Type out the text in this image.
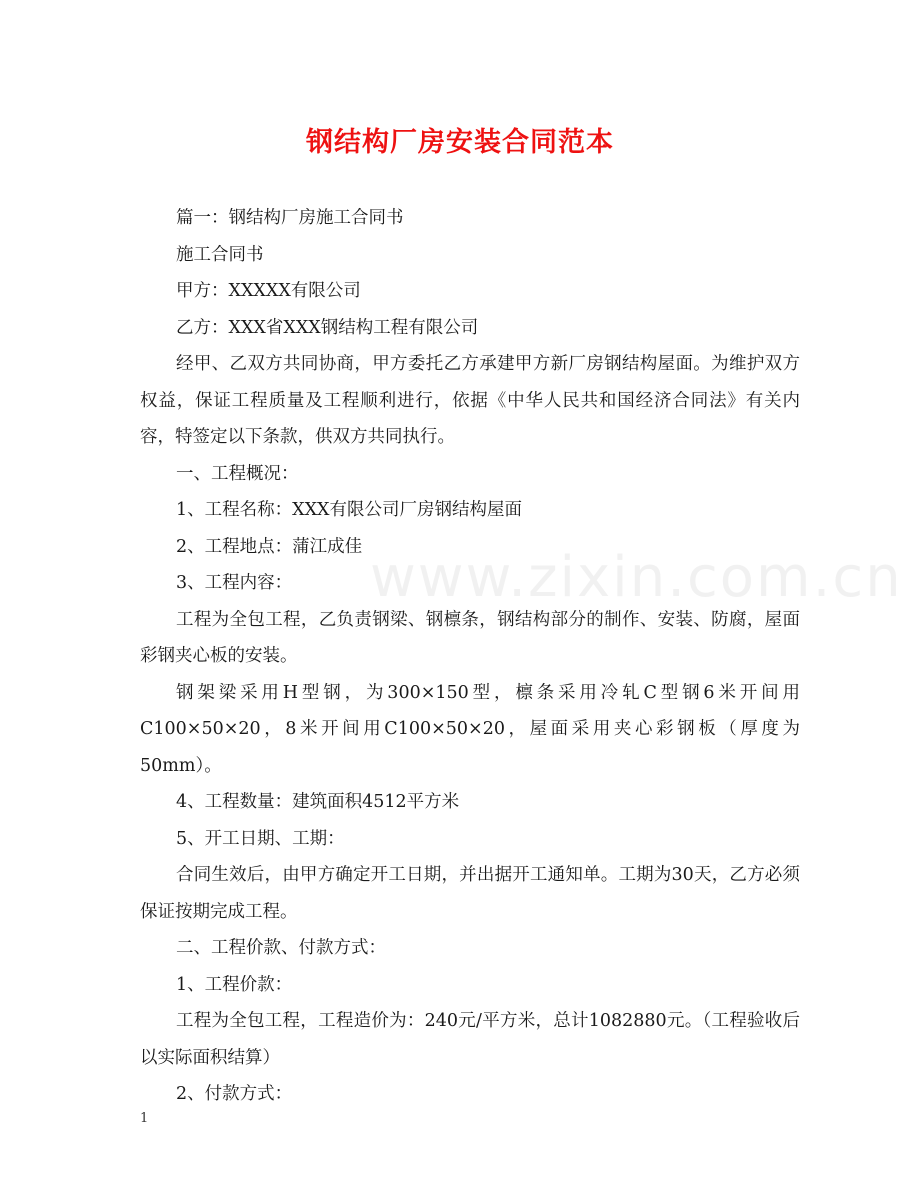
钢结构厂房安装合同范本

篇一：钢结构厂房施工合同书

施工合同书

甲方：XXXXX有限公司

乙方：XXX省XXX钢结构工程有限公司

经甲、乙双方共同协商，甲方委托乙方承建甲方新厂房钢结构屋面。为维护双方权益，保证工程质量及工程顺利进行，依据《中华人民共和国经济合同法》有关内容，特签定以下条款，供双方共同执行。

一、工程概况：

1、工程名称：XXX有限公司厂房钢结构屋面

2、工程地点：蒲江成佳

3、工程内容：

工程为全包工程，乙负责钢梁、钢檩条，钢结构部分的制作、安装、防腐，屋面彩钢夹心板的安装。

钢架梁采用H型钢，为300×150型，檩条采用冷轧C型钢6米开间用C100×50×20，8米开间用C100×50×20，屋面采用夹心彩钢板（厚度为50mm）。

4、工程数量：建筑面积4512平方米

5、开工日期、工期：

合同生效后，由甲方确定开工日期，并出据开工通知单。工期为30天，乙方必须保证按期完成工程。

二、工程价款、付款方式：

1、工程价款：

工程为全包工程，工程造价为：240元/平方米，总计1082880元。（工程验收后以实际面积结算）

2、付款方式：

www.zixin.com.cn
1
